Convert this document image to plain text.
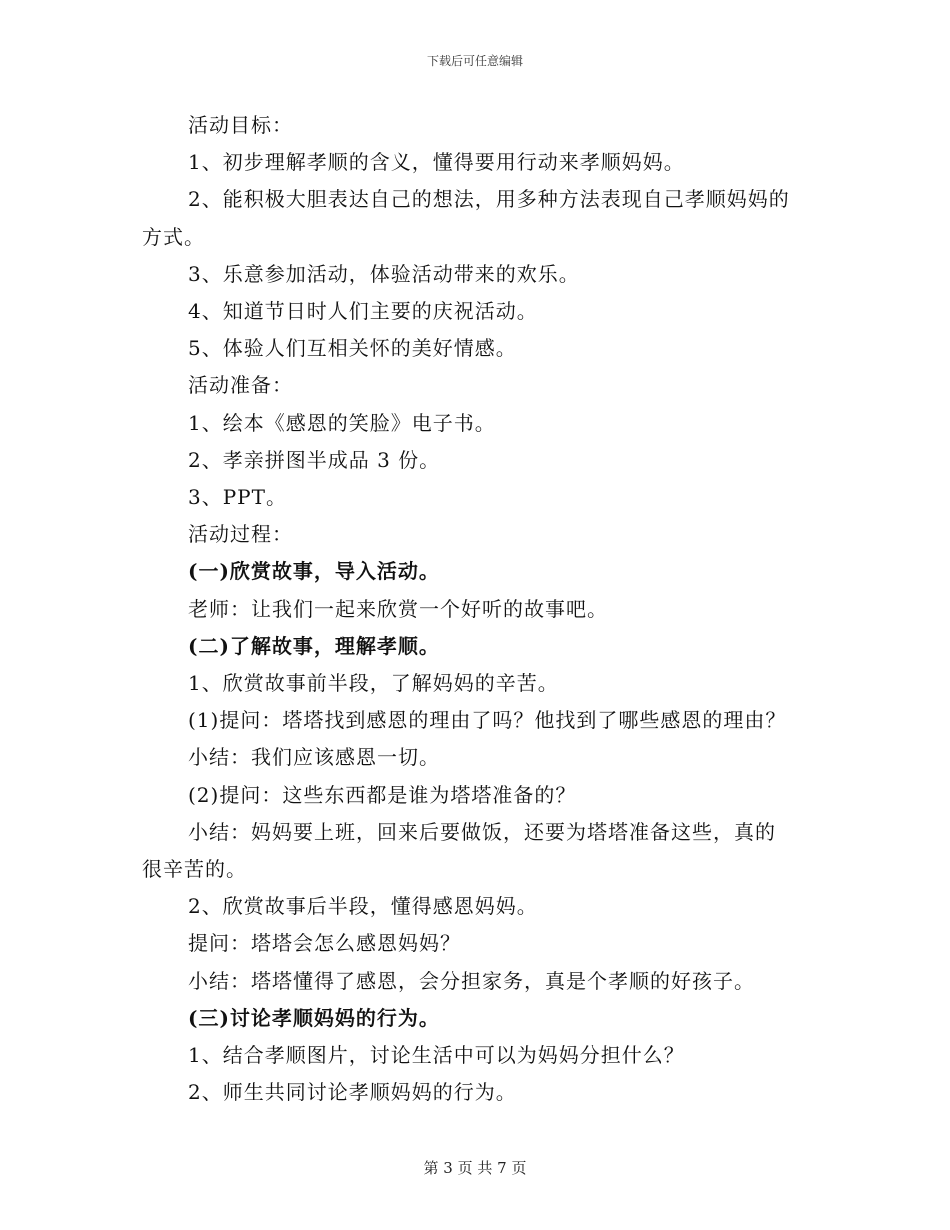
下载后可任意编辑
活动目标：
1、初步理解孝顺的含义，懂得要用行动来孝顺妈妈。
2、能积极大胆表达自己的想法，用多种方法表现自己孝顺妈妈的
方式。
3、乐意参加活动，体验活动带来的欢乐。
4、知道节日时人们主要的庆祝活动。
5、体验人们互相关怀的美好情感。
活动准备：
1、绘本《感恩的笑脸》电子书。
2、孝亲拼图半成品 3 份。
3、PPT。
活动过程：
(一)欣赏故事，导入活动。
老师：让我们一起来欣赏一个好听的故事吧。
(二)了解故事，理解孝顺。
1、欣赏故事前半段，了解妈妈的辛苦。
(1)提问：塔塔找到感恩的理由了吗？他找到了哪些感恩的理由？
小结：我们应该感恩一切。
(2)提问：这些东西都是谁为塔塔准备的？
小结：妈妈要上班，回来后要做饭，还要为塔塔准备这些，真的
很辛苦的。
2、欣赏故事后半段，懂得感恩妈妈。
提问：塔塔会怎么感恩妈妈？
小结：塔塔懂得了感恩，会分担家务，真是个孝顺的好孩子。
(三)讨论孝顺妈妈的行为。
1、结合孝顺图片，讨论生活中可以为妈妈分担什么？
2、师生共同讨论孝顺妈妈的行为。
第 3 页 共 7 页
